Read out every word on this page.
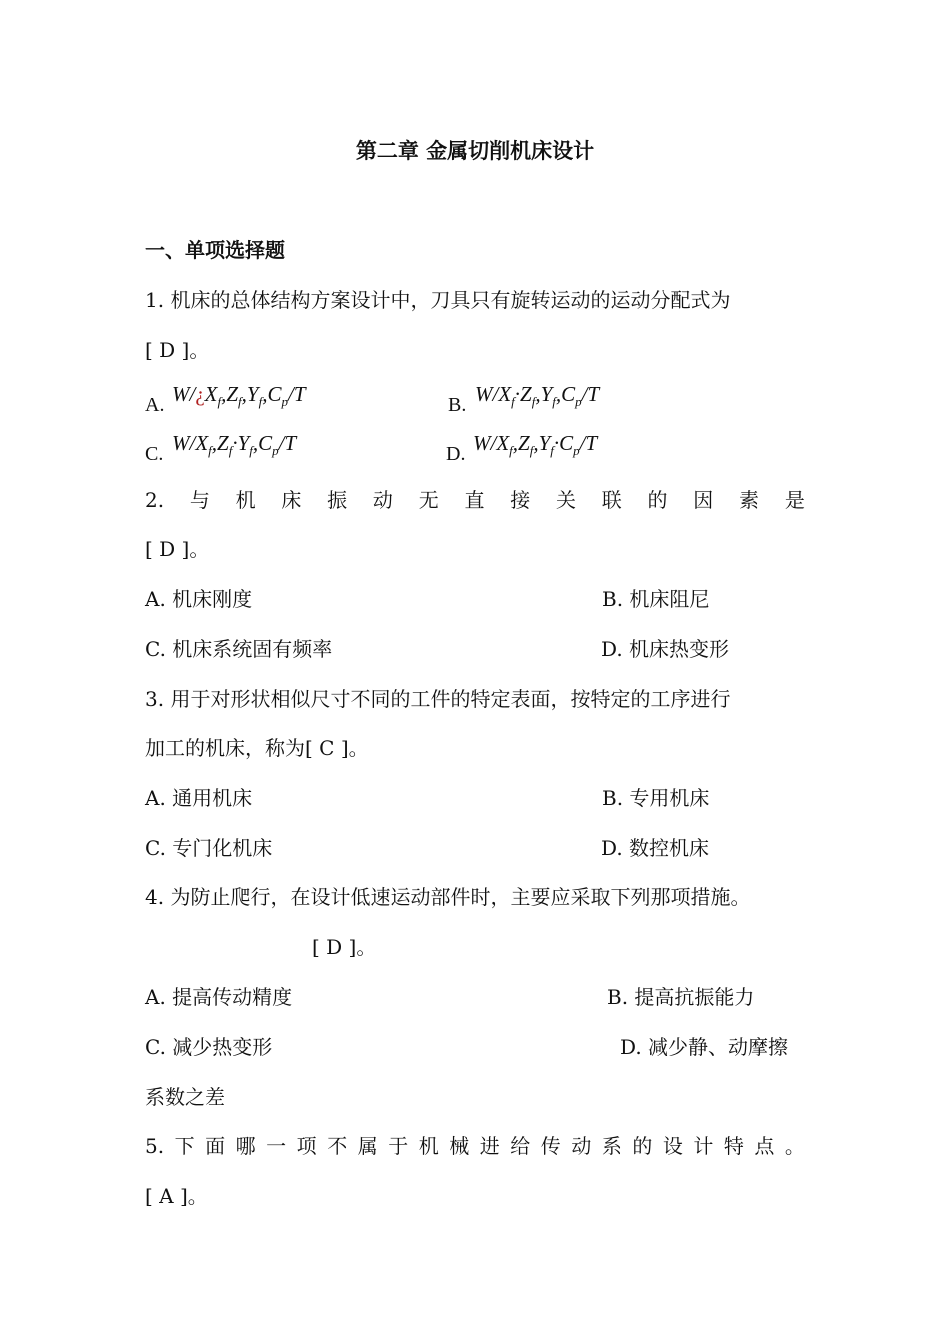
第二章 金属切削机床设计
一、单项选择题
1. 机床的总体结构方案设计中，刀具只有旋转运动的运动分配式为
[ D ]。
A. $W/¿X_f,Z_f,Y_f,C_p/T$	B. $W/X_f\cdot Z_f,Y_f,C_p/T$
C. $W/X_f,Z_f\cdot Y_f,C_p/T$	D. $W/X_f,Z_f,Y_f\cdot C_p/T$
2. 与 机 床 振 动 无 直 接 关 联 的 因 素 是
[ D ]。
A. 机床刚度	B. 机床阻尼
C. 机床系统固有频率	D. 机床热变形
3. 用于对形状相似尺寸不同的工件的特定表面，按特定的工序进行
加工的机床，称为[ C ]。
A. 通用机床	B. 专用机床
C. 专门化机床	D. 数控机床
4. 为防止爬行，在设计低速运动部件时，主要应采取下列那项措施。
[ D ]。
A. 提高传动精度	B. 提高抗振能力
C. 减少热变形	D. 减少静、动摩擦
系数之差
5. 下 面 哪 一 项 不 属 于 机 械 进 给 传 动 系 的 设 计 特 点 。
[ A ]。
